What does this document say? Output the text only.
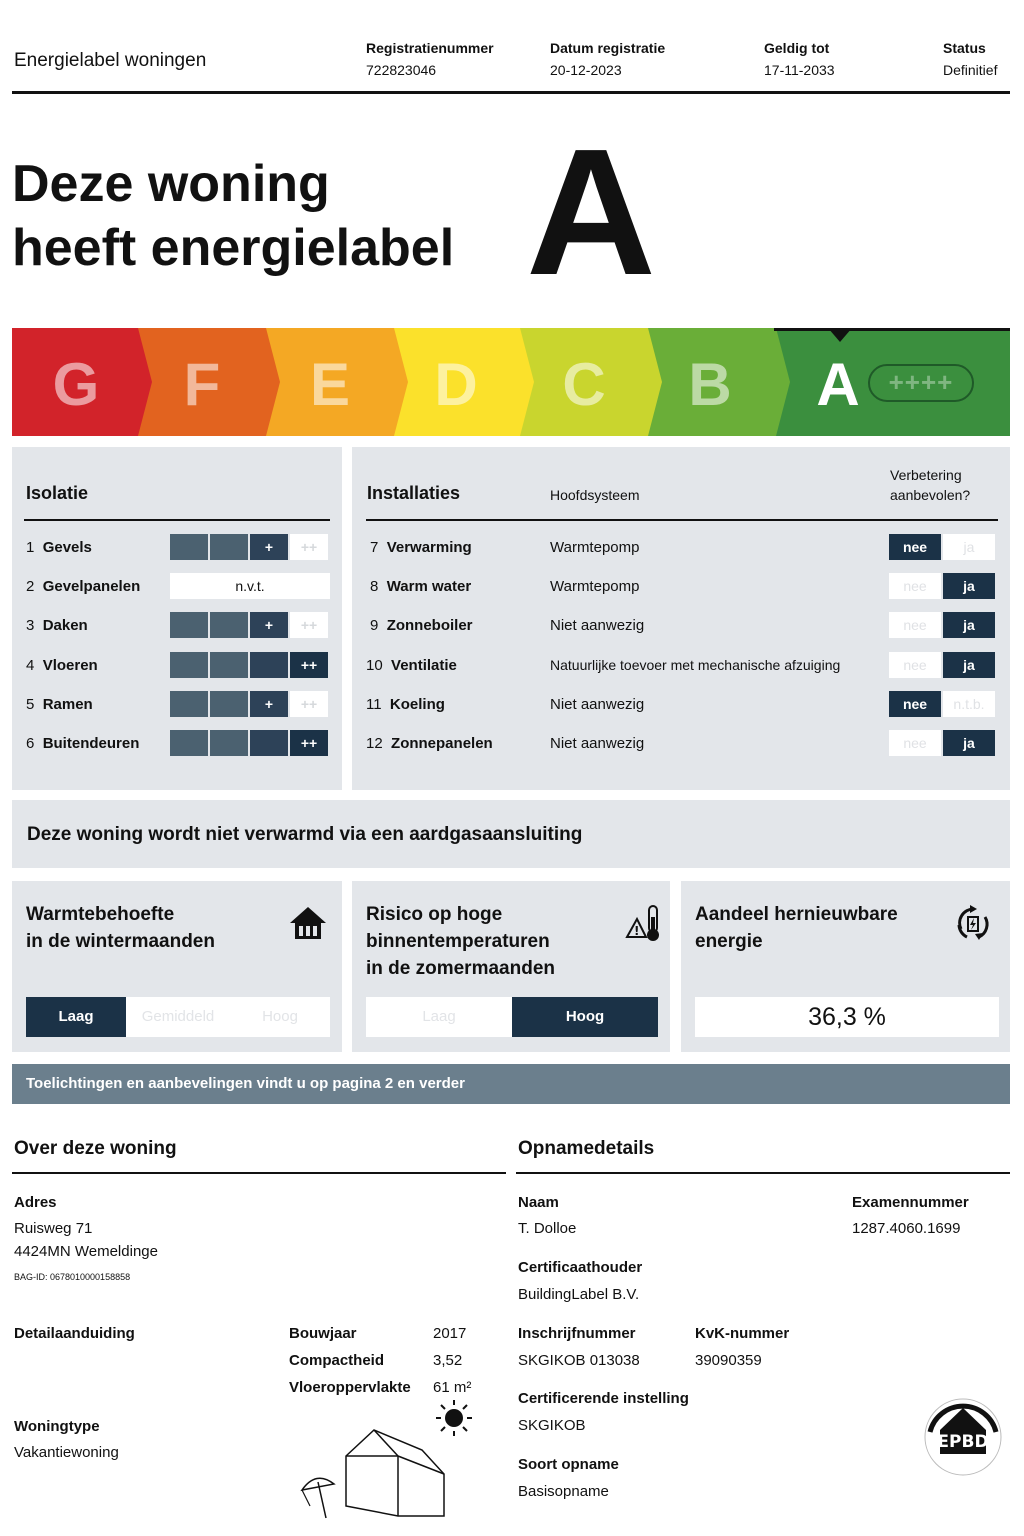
Energielabel woningen
Registratienummer
722823046
Datum registratie
20-12-2023
Geldig tot
17-11-2033
Status
Definitief
Deze woning
heeft energielabel A
G	F	E	D	C	B	A	++++
Isolatie
1 Gevels	+	++
2 Gevelpanelen	n.v.t.
3 Daken	+	++
4 Vloeren	++
5 Ramen	+	++
6 Buitendeuren	++
Installaties	Hoofdsysteem
Verbetering
aanbevolen?
7 Verwarming	Warmtepomp	nee	ja
8 Warm water	Warmtepomp	nee	ja
9 Zonneboiler	Niet aanwezig	nee	ja
10 Ventilatie	Natuurlijke toevoer met mechanische afzuiging	nee	ja
11 Koeling	Niet aanwezig	nee	n.t.b.
12 Zonnepanelen	Niet aanwezig	nee	ja
Deze woning wordt niet verwarmd via een aardgasaansluiting
Warmtebehoefte
in de wintermaanden
Laag	Gemiddeld	Hoog
Risico op hoge
binnentemperaturen
in de zomermaanden
!
Laag	Hoog
Aandeel hernieuwbare
energie
36,3 %
Toelichtingen en aanbevelingen vindt u op pagina 2 en verder
Over deze woning
Adres
Ruisweg 71
4424MN Wemeldinge
BAG-ID: 0678010000158858
Detailaanduiding	Bouwjaar	2017
Compactheid	3,52
Vloeroppervlakte 61 m²
Woningtype
Vakantiewoning
Opnamedetails
Naam
T. Dolloe
Examennummer
1287.4060.1699
Certificaathouder
BuildingLabel B.V.
Inschrijfnummer
SKGIKOB 013038
KvK-nummer
39090359
Certificerende instelling
SKGIKOB
Soort opname
Basisopname
EPBD
